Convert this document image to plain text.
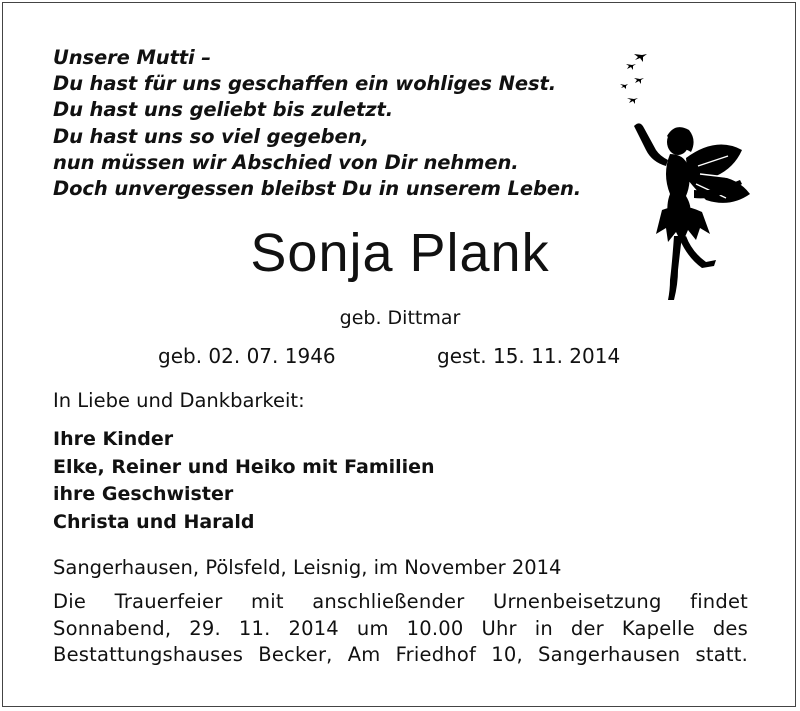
Unsere Mutti –
Du hast für uns geschaffen ein wohliges Nest.
Du hast uns geliebt bis zuletzt.
Du hast uns so viel gegeben,
nun müssen wir Abschied von Dir nehmen.
Doch unvergessen bleibst Du in unserem Leben.
Sonja Plank
geb. Dittmar
geb. 02. 07. 1946	gest. 15. 11. 2014
In Liebe und Dankbarkeit:
Ihre Kinder
Elke, Reiner und Heiko mit Familien
ihre Geschwister
Christa und Harald
Sangerhausen, Pölsfeld, Leisnig, im November 2014
Die Trauerfeier mit anschließender Urnenbeisetzung findet
Sonnabend, 29. 11. 2014 um 10.00 Uhr in der Kapelle des
Bestattungshauses Becker, Am Friedhof 10, Sangerhausen statt.
